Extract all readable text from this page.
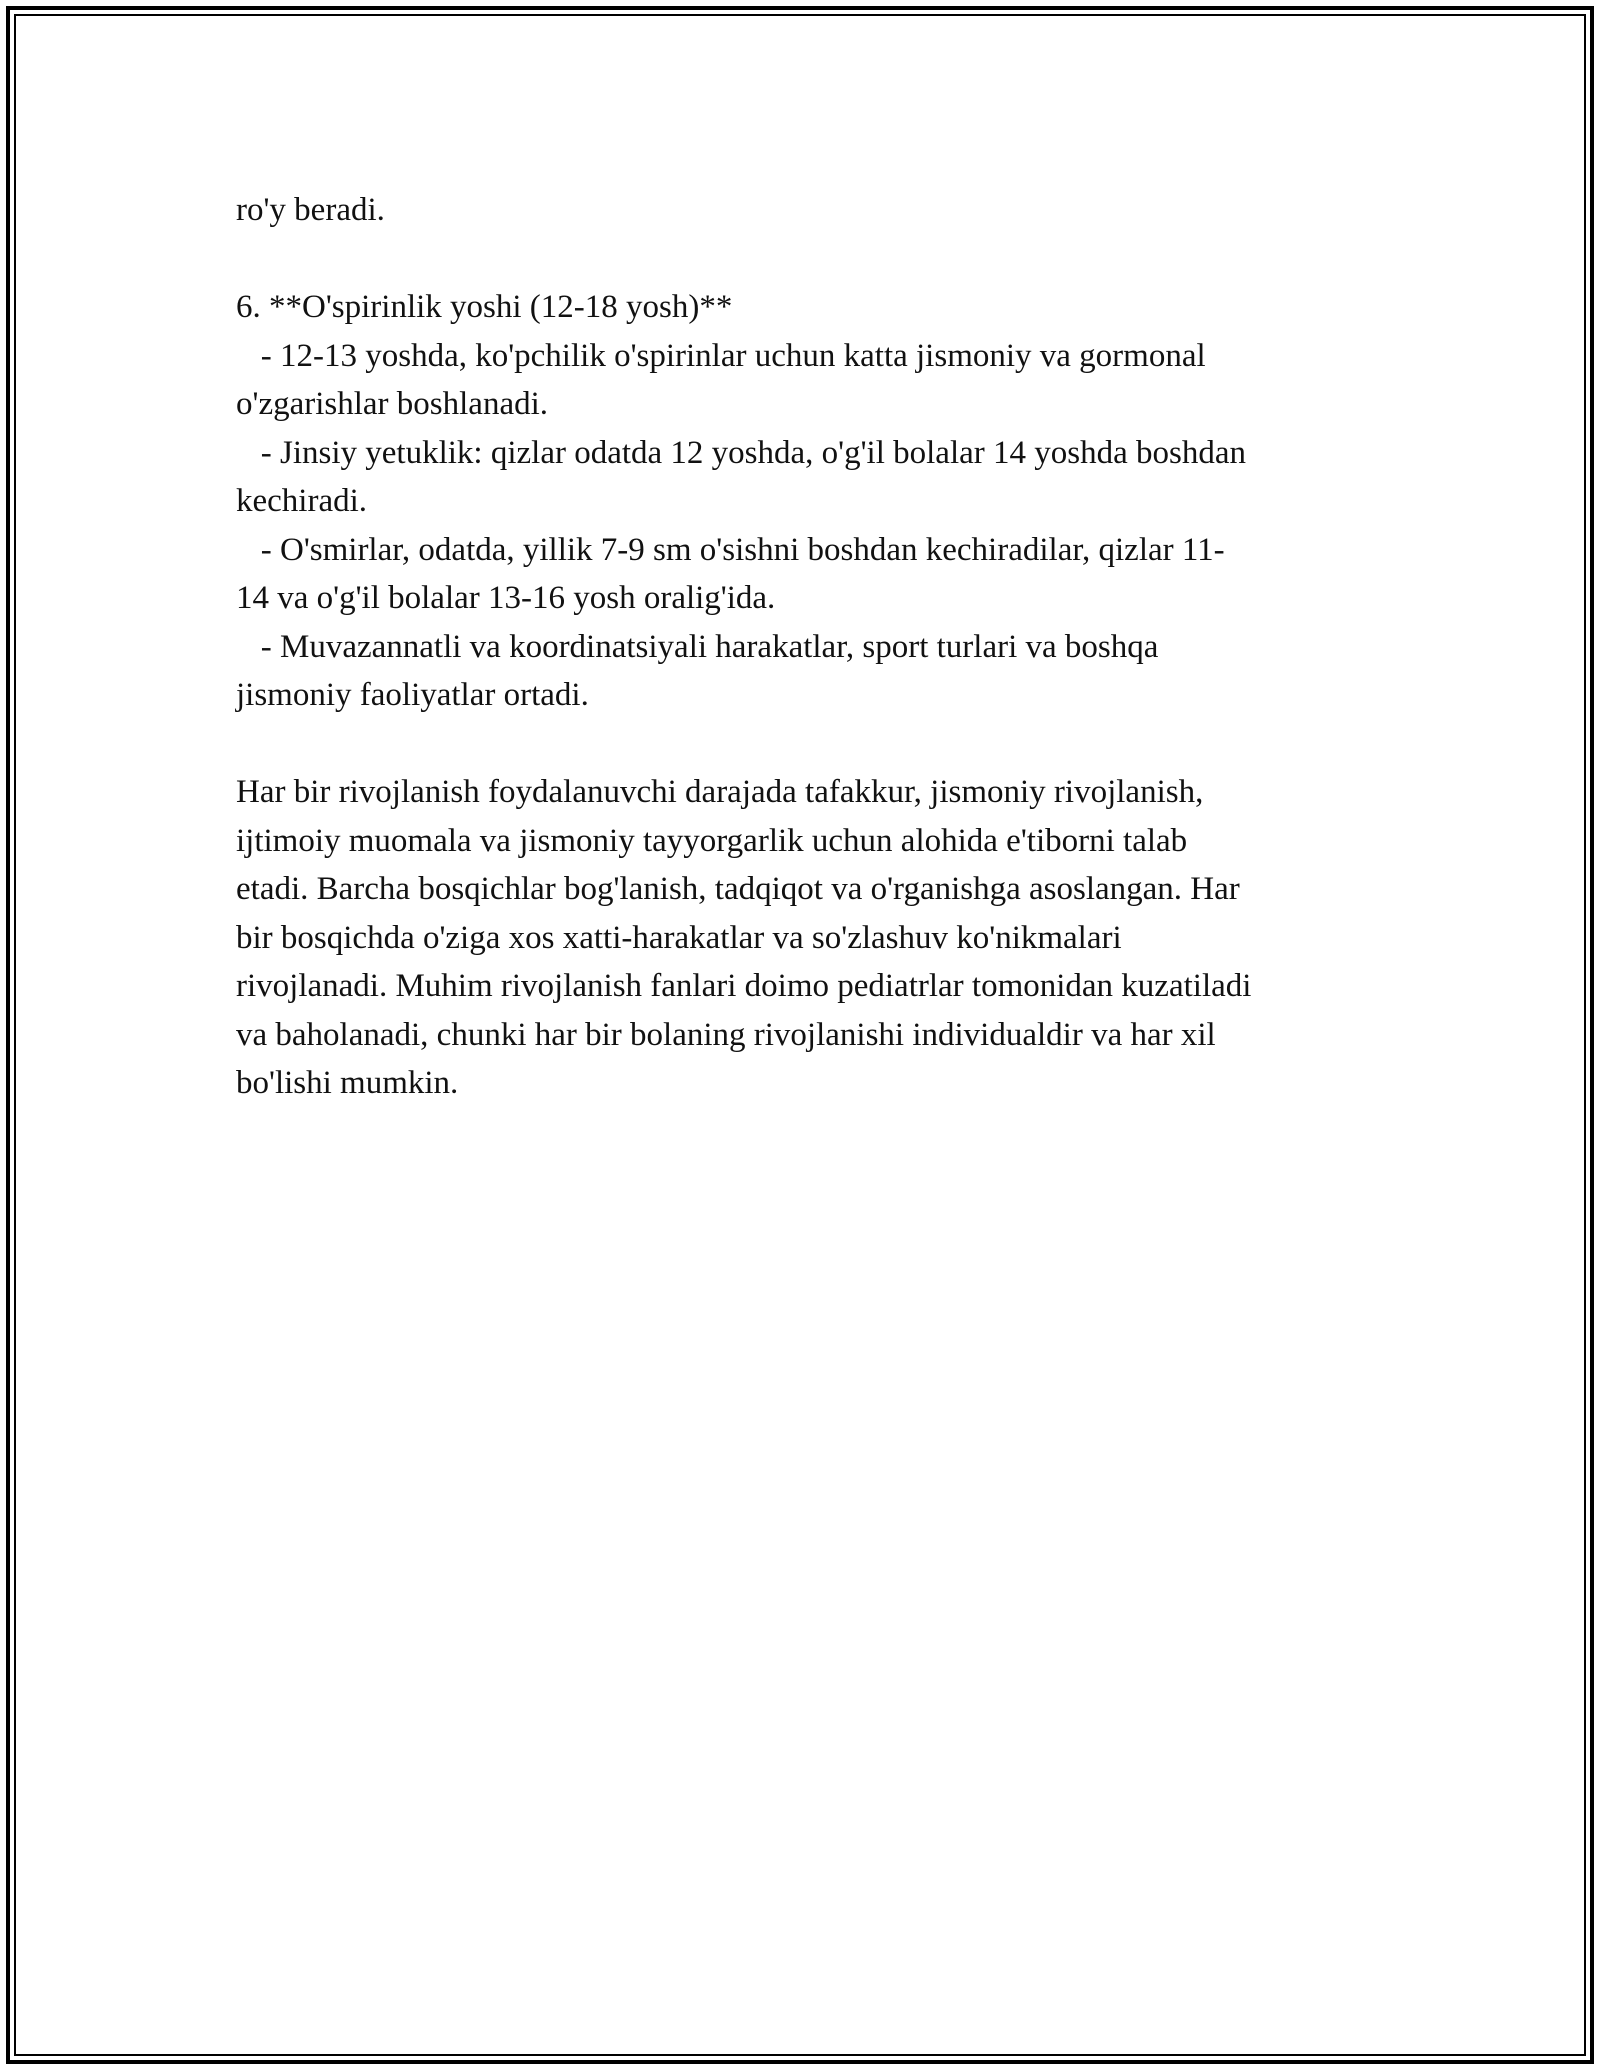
ro'y beradi.
6. **O'spirinlik yoshi (12-18 yosh)**
- 12-13 yoshda, ko'pchilik o'spirinlar uchun katta jismoniy va gormonal
o'zgarishlar boshlanadi.
- Jinsiy yetuklik: qizlar odatda 12 yoshda, o'g'il bolalar 14 yoshda boshdan
kechiradi.
- O'smirlar, odatda, yillik 7-9 sm o'sishni boshdan kechiradilar, qizlar 11-
14 va o'g'il bolalar 13-16 yosh oralig'ida.
- Muvazannatli va koordinatsiyali harakatlar, sport turlari va boshqa
jismoniy faoliyatlar ortadi.
Har bir rivojlanish foydalanuvchi darajada tafakkur, jismoniy rivojlanish,
ijtimoiy muomala va jismoniy tayyorgarlik uchun alohida e'tiborni talab
etadi. Barcha bosqichlar bog'lanish, tadqiqot va o'rganishga asoslangan. Har
bir bosqichda o'ziga xos xatti-harakatlar va so'zlashuv ko'nikmalari
rivojlanadi. Muhim rivojlanish fanlari doimo pediatrlar tomonidan kuzatiladi
va baholanadi, chunki har bir bolaning rivojlanishi individualdir va har xil
bo'lishi mumkin.
